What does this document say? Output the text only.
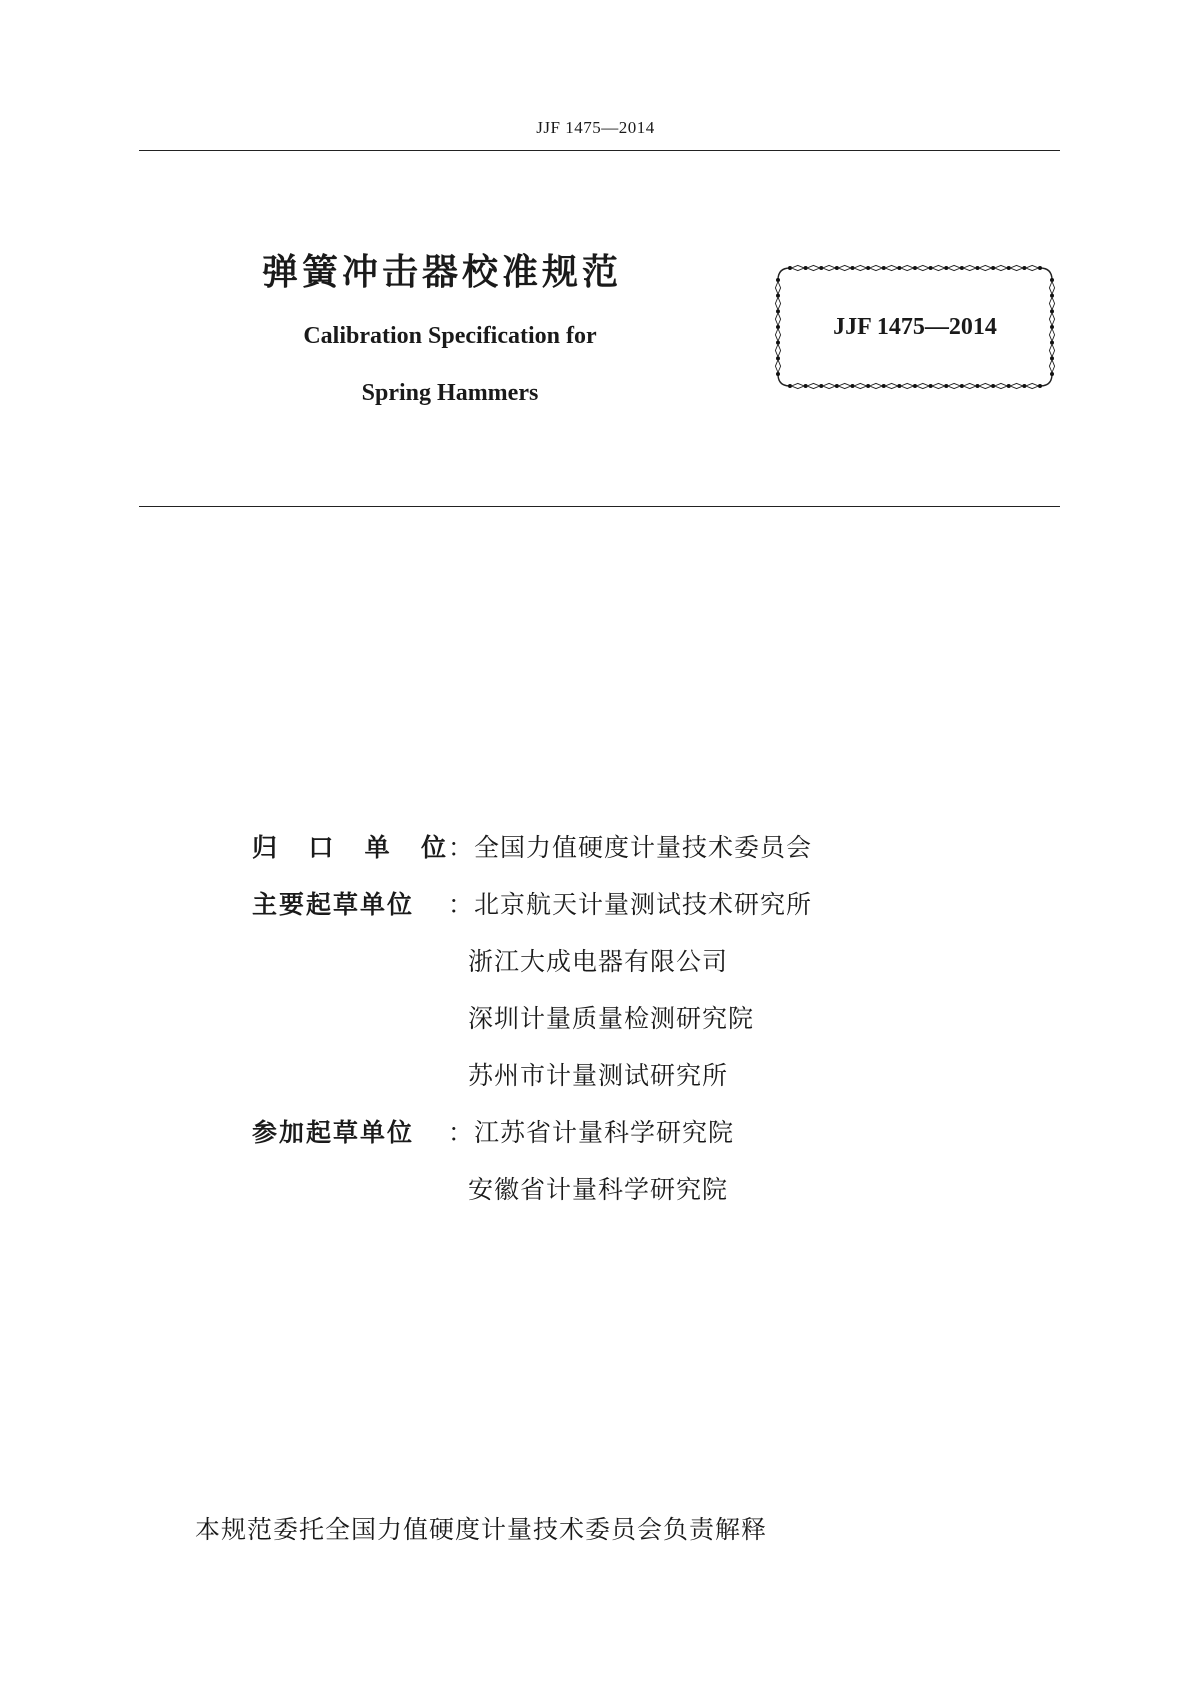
JJF 1475—2014
弹簧冲击器校准规范
Calibration Specification for
Spring Hammers
JJF 1475—2014
归 口 单 位 ：全国力值硬度计量技术委员会
主要起草单位	：北京航天计量测试技术研究所
浙江大成电器有限公司
深圳计量质量检测研究院
苏州市计量测试研究所
参加起草单位	：江苏省计量科学研究院
安徽省计量科学研究院
本规范委托全国力值硬度计量技术委员会负责解释
